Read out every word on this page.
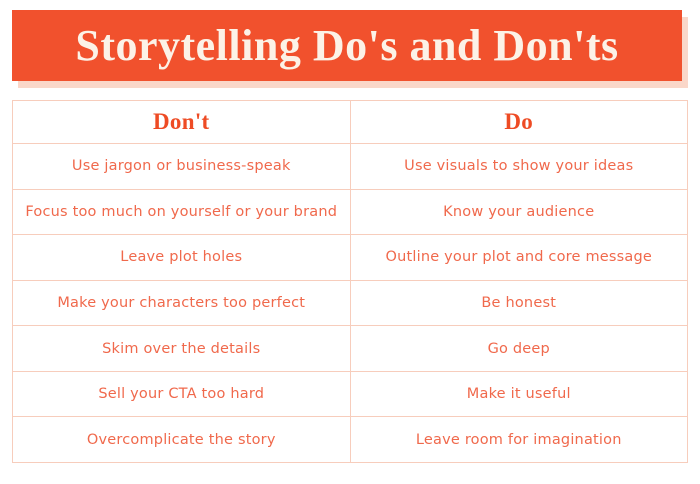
Storytelling Do's and Don'ts
Don't	Do
Use jargon or business-speak	Use visuals to show your ideas
Focus too much on yourself or your brand	Know your audience
Leave plot holes	Outline your plot and core message
Make your characters too perfect	Be honest
Skim over the details	Go deep
Sell your CTA too hard	Make it useful
Overcomplicate the story	Leave room for imagination
